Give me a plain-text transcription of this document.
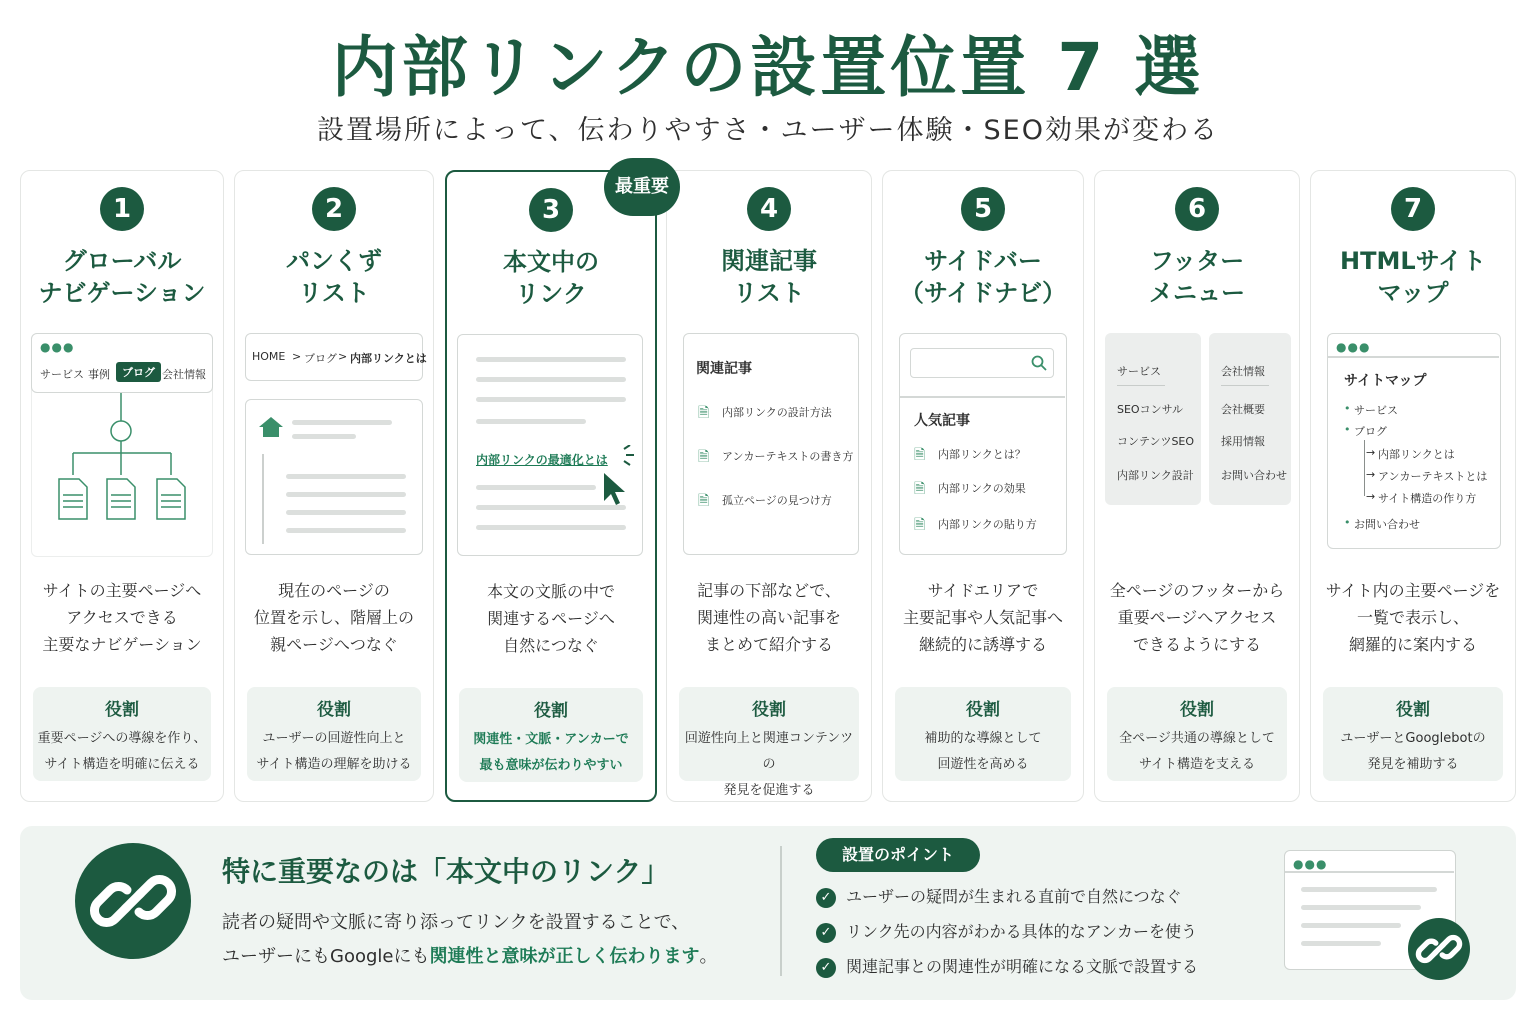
内部リンクの設置位置 7 選
設置場所によって、伝わりやすさ・ユーザー体験・SEO効果が変わる
1
グローバル
ナビゲーション
●●●
サービス 事例	ブログ 会社情報
サイトの主要ページへ
アクセスできる
主要なナビゲーション
役割
重要ページへの導線を作り、
サイト構造を明確に伝える
2
パンくず
リスト
HOME > ブログ > 内部リンクとは
現在のページの
位置を示し、階層上の
親ページへつなぐ
役割
ユーザーの回遊性向上と
サイト構造の理解を助ける
3
本文中の
リンク
内部リンクの最適化とは
本文の文脈の中で
関連するページへ
自然につなぐ
役割
関連性・文脈・アンカーで
最も意味が伝わりやすい
最重要
4
関連記事
リスト
関連記事
🗎 内部リンクの設計方法
🗎 アンカーテキストの書き方
🗎 孤立ページの見つけ方
記事の下部などで、
関連性の高い記事を
まとめて紹介する
役割
回遊性向上と関連コンテンツの
発見を促進する
5
サイドバー
（サイドナビ）
人気記事
🗎 内部リンクとは？
🗎 内部リンクの効果
🗎 内部リンクの貼り方
サイドエリアで
主要記事や人気記事へ
継続的に誘導する
役割
補助的な導線として
回遊性を高める
6
フッター
メニュー
サービス
SEOコンサル
コンテンツSEO
内部リンク設計
会社情報
会社概要
採用情報
お問い合わせ
全ページのフッターから
重要ページへアクセス
できるようにする
役割
全ページ共通の導線として
サイト構造を支える
7
HTMLサイト
マップ
●●●
サイトマップ
• サービス
• ブログ
→ 内部リンクとは
→ アンカーテキストとは
→ サイト構造の作り方
• お問い合わせ
サイト内の主要ページを
一覧で表示し、
網羅的に案内する
役割
ユーザーとGooglebotの
発見を補助する
特に重要なのは「本文中のリンク」
読者の疑問や文脈に寄り添ってリンクを設置することで、
ユーザーにもGoogleにも関連性と意味が正しく伝わります。
設置のポイント
✓ ユーザーの疑問が生まれる直前で自然につなぐ
✓ リンク先の内容がわかる具体的なアンカーを使う
✓ 関連記事との関連性が明確になる文脈で設置する
●●●
